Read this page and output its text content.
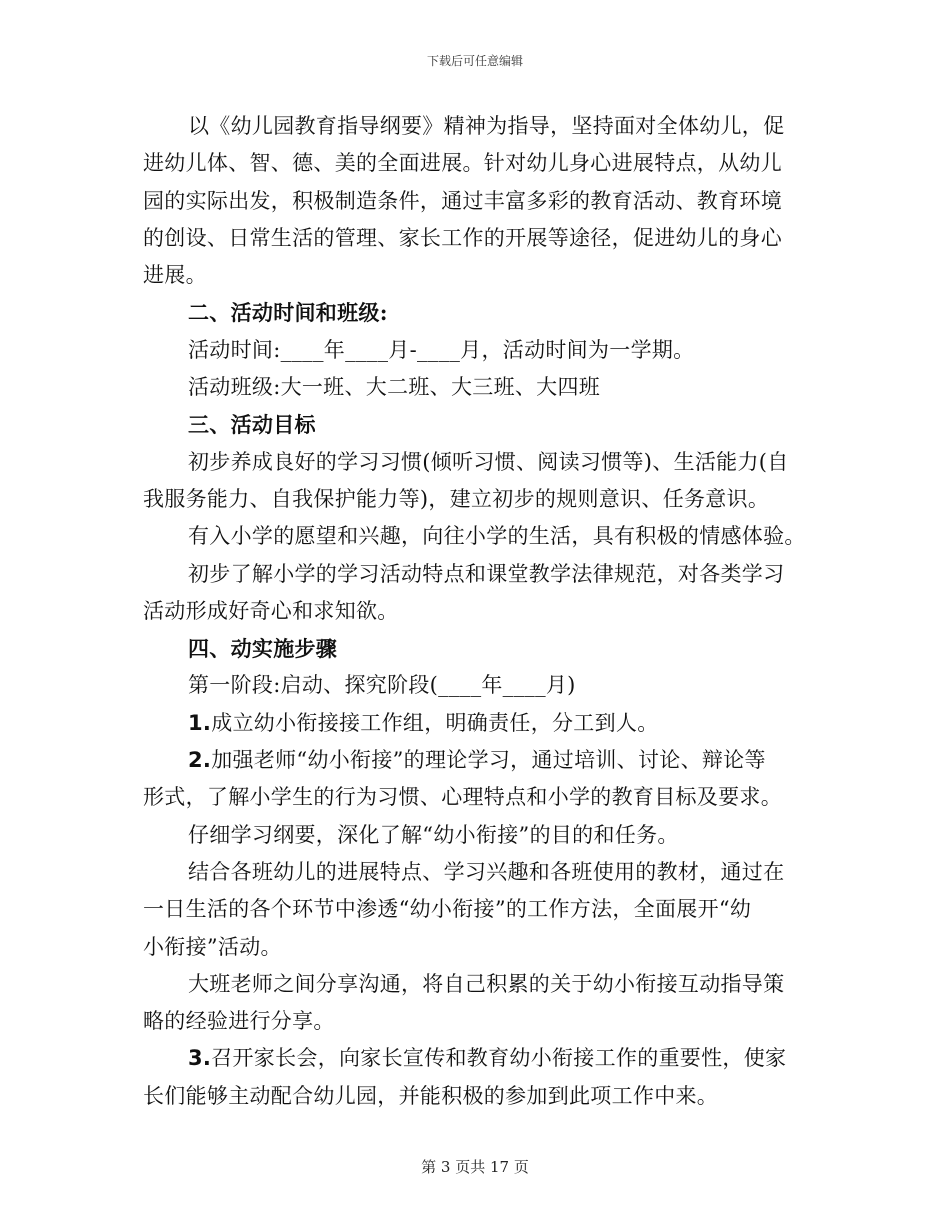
下载后可任意编辑
以《幼儿园教育指导纲要》精神为指导，坚持面对全体幼儿，促
进幼儿体、智、德、美的全面进展。针对幼儿身心进展特点，从幼儿
园的实际出发，积极制造条件，通过丰富多彩的教育活动、教育环境
的创设、日常生活的管理、家长工作的开展等途径，促进幼儿的身心
进展。
二、活动时间和班级:
活动时间:____年____月-____月，活动时间为一学期。
活动班级:大一班、大二班、大三班、大四班
三、活动目标
初步养成良好的学习习惯(倾听习惯、阅读习惯等)、生活能力(自
我服务能力、自我保护能力等)，建立初步的规则意识、任务意识。
有入小学的愿望和兴趣，向往小学的生活，具有积极的情感体验。
初步了解小学的学习活动特点和课堂教学法律规范，对各类学习
活动形成好奇心和求知欲。
四、动实施步骤
第一阶段:启动、探究阶段(____年____月)
1.成立幼小衔接接工作组，明确责任，分工到人。
2.加强老师“幼小衔接”的理论学习，通过培训、讨论、辩论等
形式，了解小学生的行为习惯、心理特点和小学的教育目标及要求。
仔细学习纲要，深化了解“幼小衔接”的目的和任务。
结合各班幼儿的进展特点、学习兴趣和各班使用的教材，通过在
一日生活的各个环节中渗透“幼小衔接”的工作方法，全面展开“幼
小衔接”活动。
大班老师之间分享沟通，将自己积累的关于幼小衔接互动指导策
略的经验进行分享。
3.召开家长会，向家长宣传和教育幼小衔接工作的重要性，使家
长们能够主动配合幼儿园，并能积极的参加到此项工作中来。
第 3 页共 17 页
